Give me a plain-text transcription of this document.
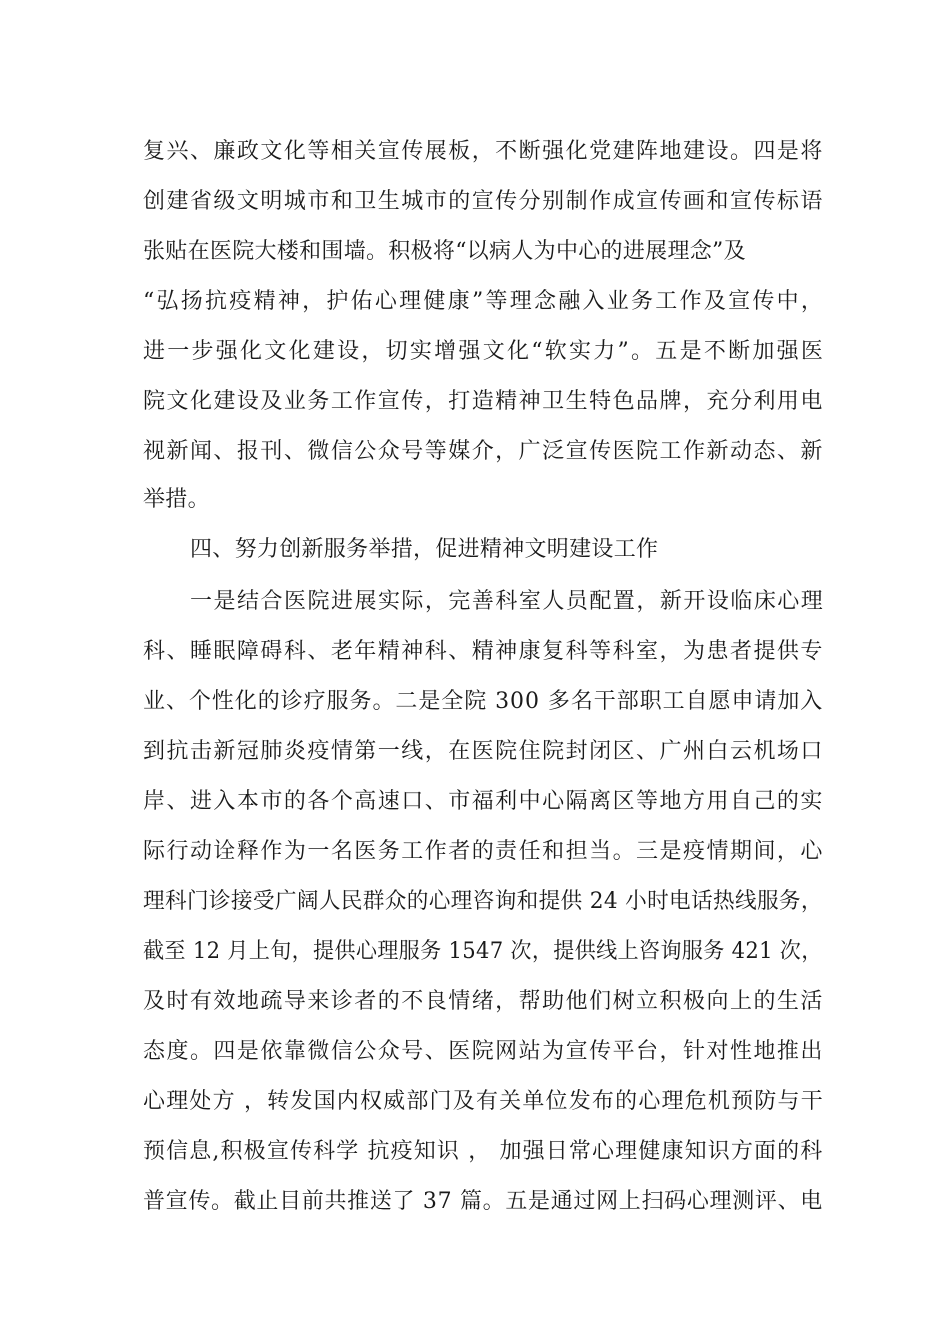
复兴、廉政文化等相关宣传展板，不断强化党建阵地建设。四是将
创建省级文明城市和卫生城市的宣传分别制作成宣传画和宣传标语
张贴在医院大楼和围墙。积极将“以病人为中心的进展理念”及
“弘扬抗疫精神，护佑心理健康”等理念融入业务工作及宣传中，
进一步强化文化建设，切实增强文化“软实力”。五是不断加强医
院文化建设及业务工作宣传，打造精神卫生特色品牌，充分利用电
视新闻、报刊、微信公众号等媒介，广泛宣传医院工作新动态、新
举措。
四、努力创新服务举措，促进精神文明建设工作
一是结合医院进展实际，完善科室人员配置，新开设临床心理
科、睡眠障碍科、老年精神科、精神康复科等科室，为患者提供专
业、个性化的诊疗服务。二是全院 300 多名干部职工自愿申请加入
到抗击新冠肺炎疫情第一线，在医院住院封闭区、广州白云机场口
岸、进入本市的各个高速口、市福利中心隔离区等地方用自己的实
际行动诠释作为一名医务工作者的责任和担当。三是疫情期间，心
理科门诊接受广阔人民群众的心理咨询和提供 24 小时电话热线服务，
截至 12 月上旬，提供心理服务 1547 次，提供线上咨询服务 421 次，
及时有效地疏导来诊者的不良情绪，帮助他们树立积极向上的生活
态度。四是依靠微信公众号、医院网站为宣传平台，针对性地推出
心理处方 ，转发国内权威部门及有关单位发布的心理危机预防与干
预信息,积极宣传科学 抗疫知识 ， 加强日常心理健康知识方面的科
普宣传。截止目前共推送了 37 篇。五是通过网上扫码心理测评、电
